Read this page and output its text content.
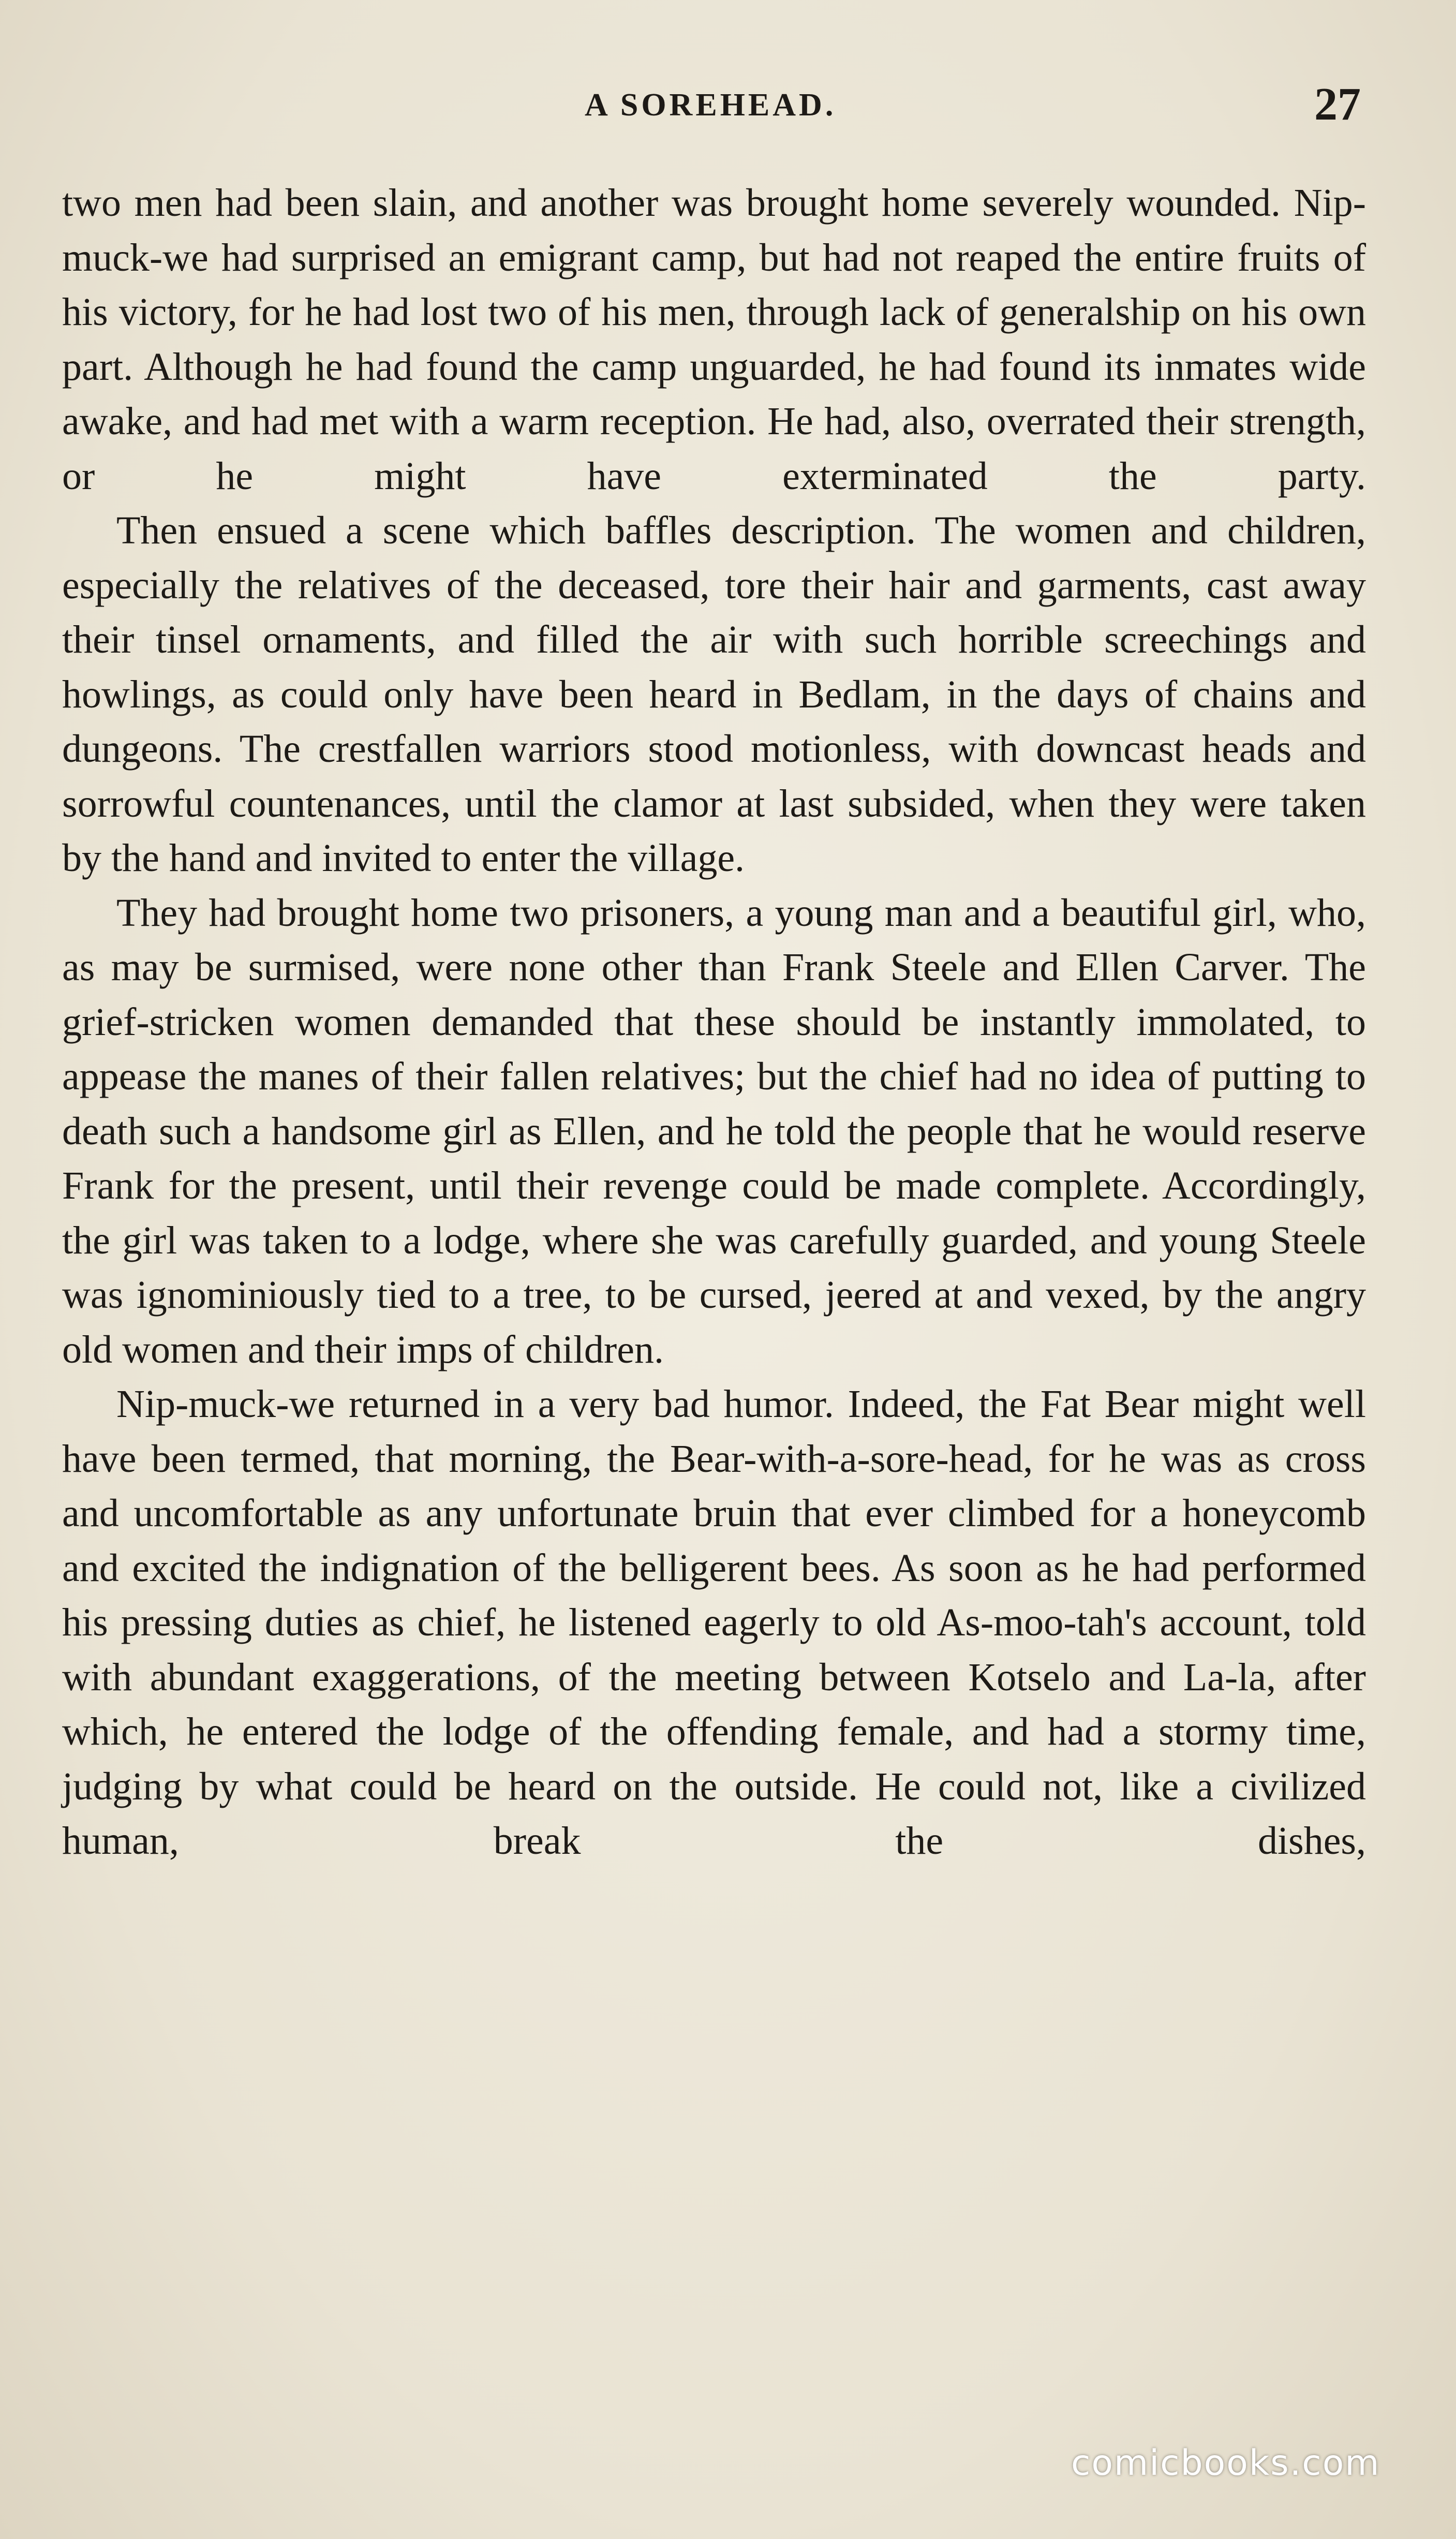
A SOREHEAD.	27

two men had been slain, and another was brought home severely wounded. Nip-muck-we had surprised an emigrant camp, but had not reaped the entire fruits of his victory, for he had lost two of his men, through lack of generalship on his own part. Although he had found the camp unguarded, he had found its inmates wide awake, and had met with a warm reception. He had, also, overrated their strength, or he might have exterminated the party.

Then ensued a scene which baffles description. The women and children, especially the relatives of the deceased, tore their hair and garments, cast away their tinsel ornaments, and filled the air with such horrible screechings and howlings, as could only have been heard in Bedlam, in the days of chains and dungeons. The crestfallen warriors stood motionless, with downcast heads and sorrowful countenances, until the clamor at last subsided, when they were taken by the hand and invited to enter the village.

They had brought home two prisoners, a young man and a beautiful girl, who, as may be surmised, were none other than Frank Steele and Ellen Carver. The grief-stricken women demanded that these should be instantly immolated, to appease the manes of their fallen relatives; but the chief had no idea of putting to death such a handsome girl as Ellen, and he told the people that he would reserve Frank for the present, until their revenge could be made complete. Accordingly, the girl was taken to a lodge, where she was carefully guarded, and young Steele was ignominiously tied to a tree, to be cursed, jeered at and vexed, by the angry old women and their imps of children.

Nip-muck-we returned in a very bad humor. Indeed, the Fat Bear might well have been termed, that morning, the Bear-with-a-sore-head, for he was as cross and uncomfortable as any unfortunate bruin that ever climbed for a honeycomb and excited the indignation of the belligerent bees. As soon as he had performed his pressing duties as chief, he listened eagerly to old As-moo-tah's account, told with abundant exaggerations, of the meeting between Kotselo and La-la, after which, he entered the lodge of the offending female, and had a stormy time, judging by what could be heard on the outside. He could not, like a civilized human, break the dishes,

comicbooks.com
